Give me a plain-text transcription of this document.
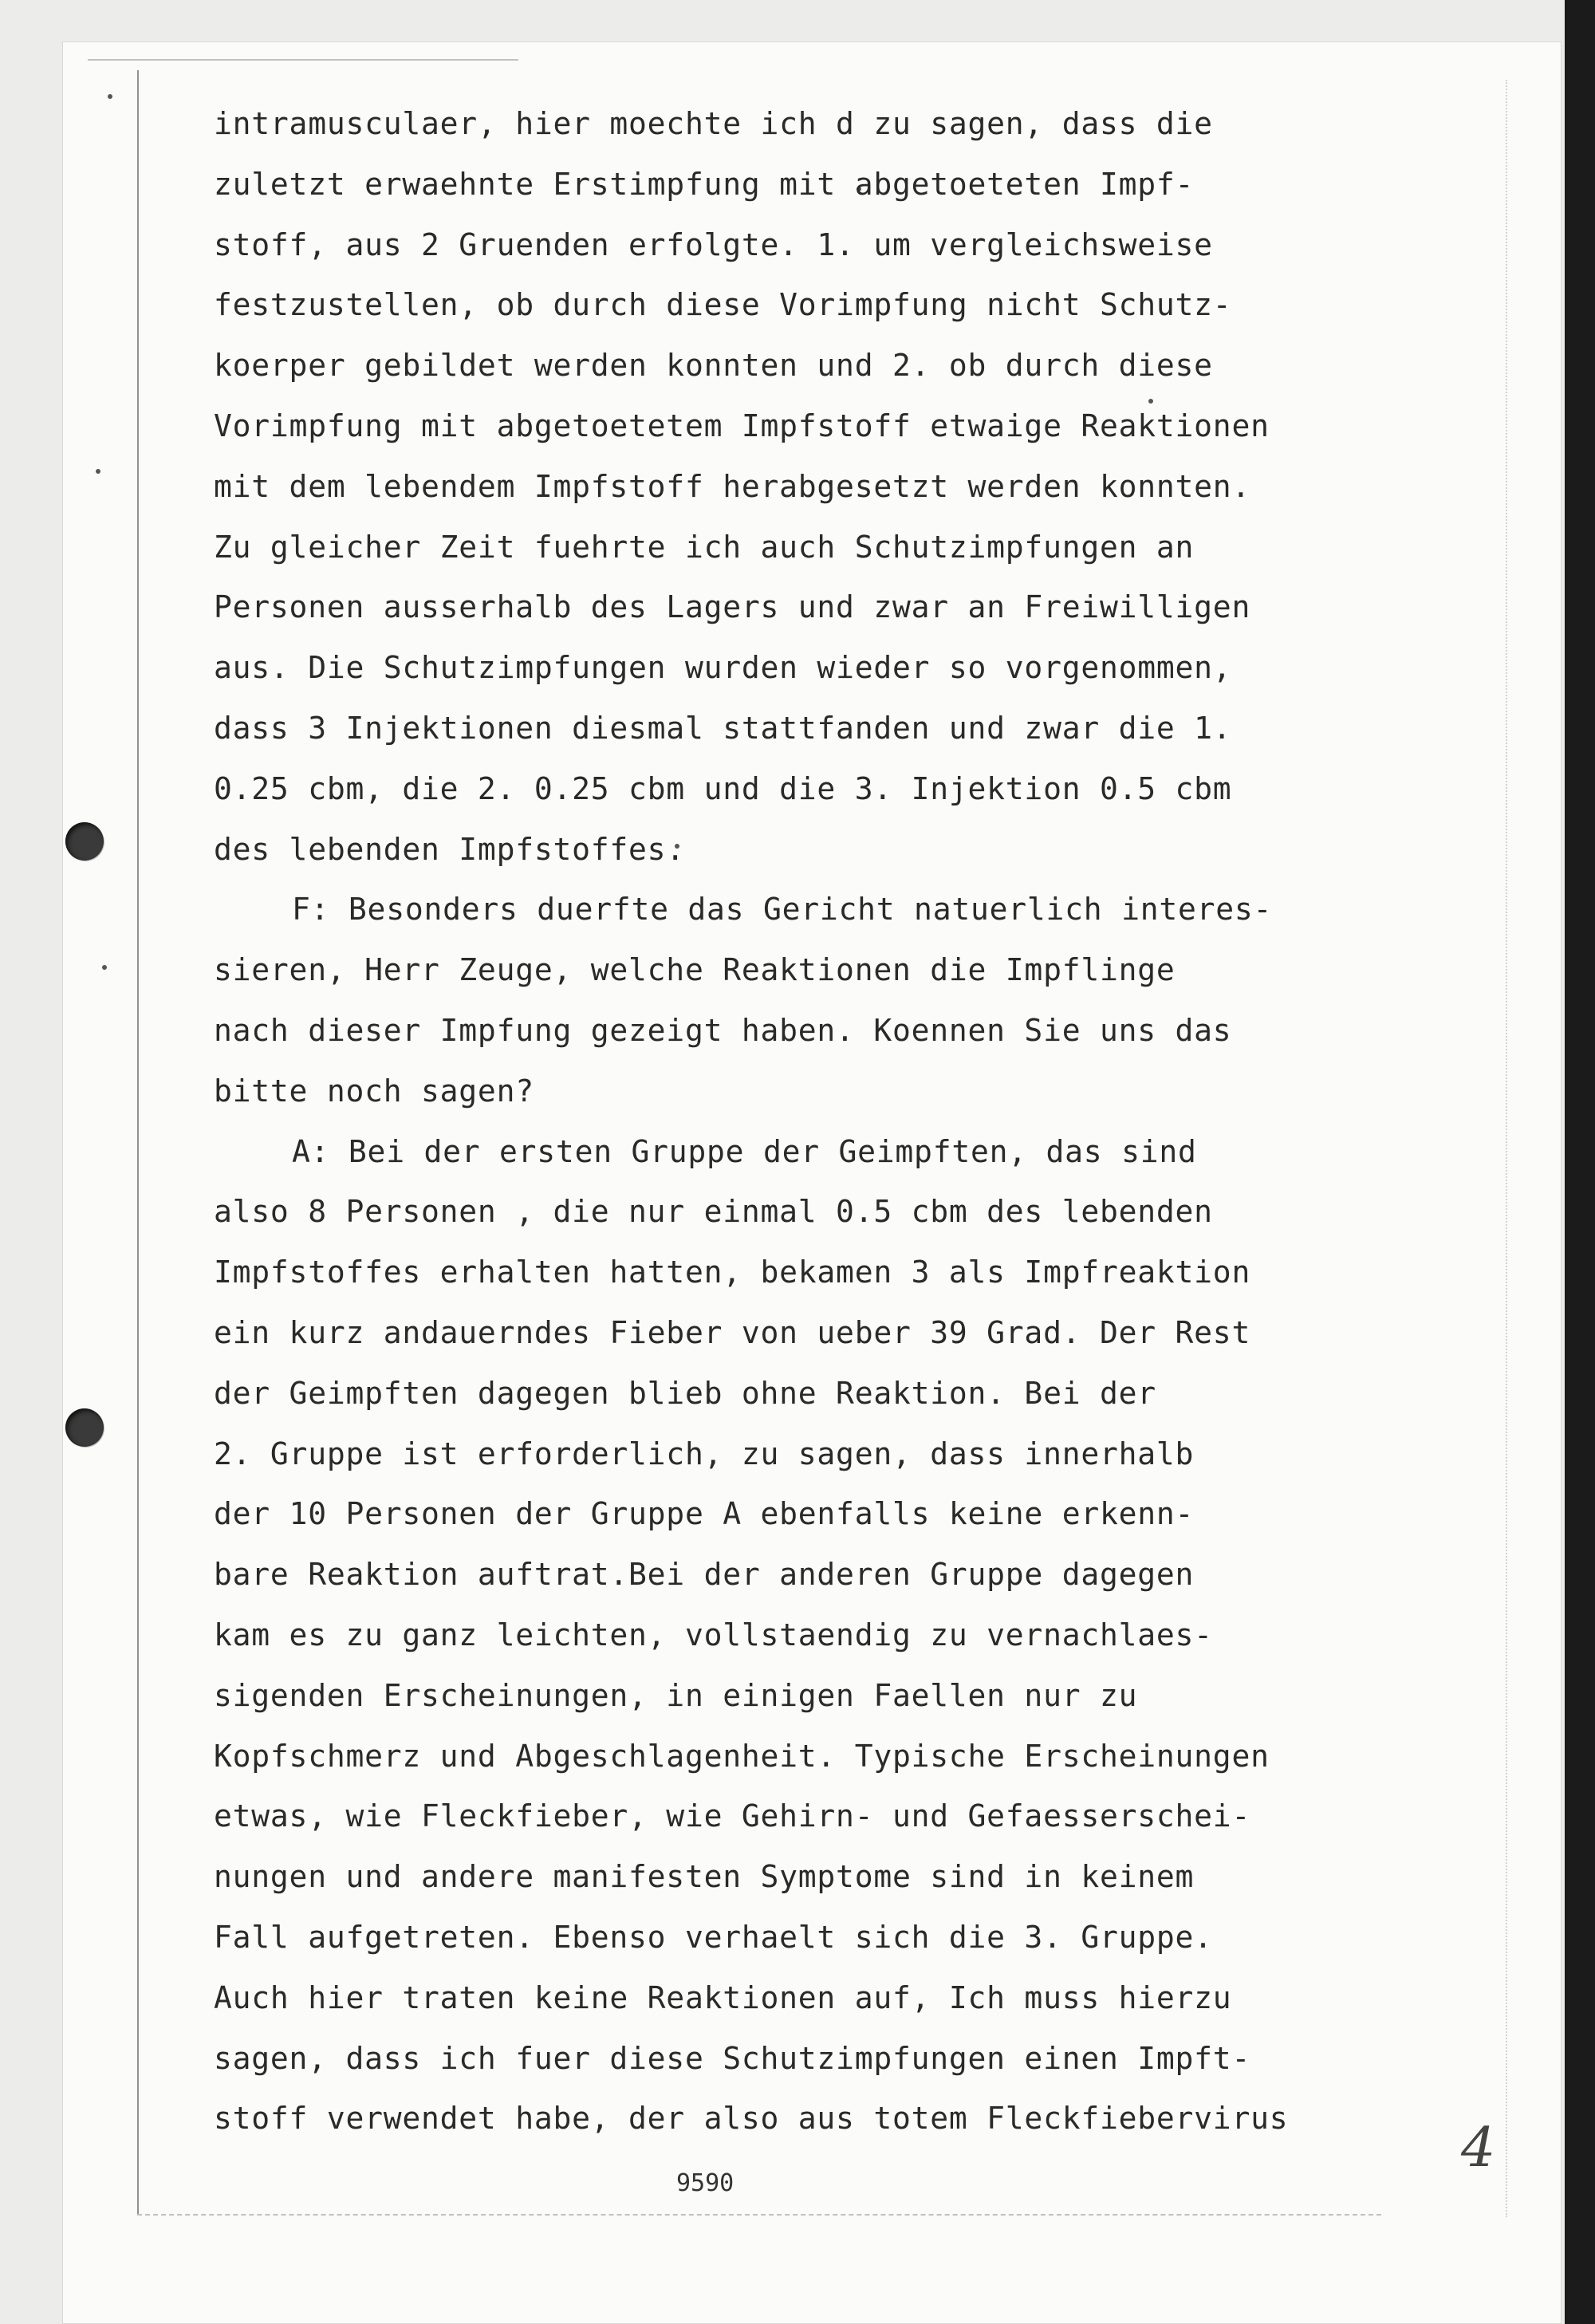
intramusculaer, hier moechte ich d zu sagen, dass die
zuletzt erwaehnte Erstimpfung mit abgetoeteten Impf-
stoff, aus 2 Gruenden erfolgte. 1. um vergleichsweise
festzustellen, ob durch diese Vorimpfung nicht Schutz-
koerper gebildet werden konnten und 2. ob durch diese
Vorimpfung mit abgetoetetem Impfstoff etwaige Reaktionen
mit dem lebendem Impfstoff herabgesetzt werden konnten.
Zu gleicher Zeit fuehrte ich auch Schutzimpfungen an
Personen ausserhalb des Lagers und zwar an Freiwilligen
aus. Die Schutzimpfungen wurden wieder so vorgenommen,
dass 3 Injektionen diesmal stattfanden und zwar die 1.
0.25 cbm, die 2. 0.25 cbm und die 3. Injektion 0.5 cbm
des lebenden Impfstoffes.
F: Besonders duerfte das Gericht natuerlich interes-
sieren, Herr Zeuge, welche Reaktionen die Impflinge
nach dieser Impfung gezeigt haben. Koennen Sie uns das
bitte noch sagen?
A: Bei der ersten Gruppe der Geimpften, das sind
also 8 Personen , die nur einmal 0.5 cbm des lebenden
Impfstoffes erhalten hatten, bekamen 3 als Impfreaktion
ein kurz andauerndes Fieber von ueber 39 Grad. Der Rest
der Geimpften dagegen blieb ohne Reaktion. Bei der
2. Gruppe ist erforderlich, zu sagen, dass innerhalb
der 10 Personen der Gruppe A ebenfalls keine erkenn-
bare Reaktion auftrat.Bei der anderen Gruppe dagegen
kam es zu ganz leichten, vollstaendig zu vernachlaes-
sigenden Erscheinungen, in einigen Faellen nur zu
Kopfschmerz und Abgeschlagenheit. Typische Erscheinungen
etwas, wie Fleckfieber, wie Gehirn- und Gefaesserschei-
nungen und andere manifesten Symptome sind in keinem
Fall aufgetreten. Ebenso verhaelt sich die 3. Gruppe.
Auch hier traten keine Reaktionen auf, Ich muss hierzu
sagen, dass ich fuer diese Schutzimpfungen einen Impft-
stoff verwendet habe, der also aus totem Fleckfiebervirus
9590
4
